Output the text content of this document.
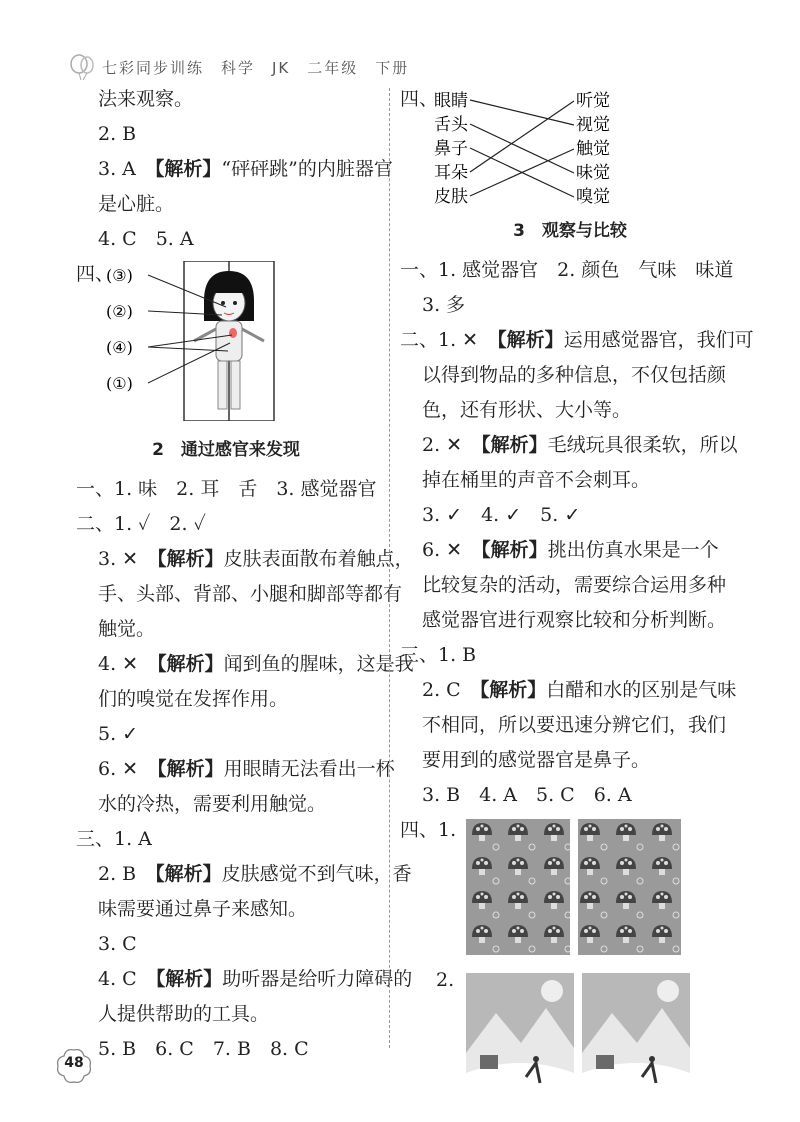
七彩同步训练　科学　JK　二年级　下册
法来观察。
2. B
3. A　【解析】“砰砰跳”的内脏器官
是心脏。
4. C　5. A
四、
(③)
(②)
(④)
(①)
2　通过感官来发现
一、1. 味　2. 耳　舌　3. 感觉器官
二、1. ✓　2. ✓
3. ✕　【解析】皮肤表面散布着触点，
手、头部、背部、小腿和脚部等都有
触觉。
4. ✕　【解析】闻到鱼的腥味，这是我
们的嗅觉在发挥作用。
5. ✓
6. ✕　【解析】用眼睛无法看出一杯
水的冷热，需要利用触觉。
三、1. A
2. B　【解析】皮肤感觉不到气味，香
味需要通过鼻子来感知。
3. C
4. C　【解析】助听器是给听力障碍的
人提供帮助的工具。
5. B　6. C　7. B　8. C
四、
眼睛
舌头
鼻子
耳朵
皮肤
听觉
视觉
触觉
味觉
嗅觉
3　观察与比较
一、1. 感觉器官　2. 颜色　气味　味道
3. 多
二、1. ✕　【解析】运用感觉器官，我们可
以得到物品的多种信息，不仅包括颜
色，还有形状、大小等。
2. ✕　【解析】毛绒玩具很柔软，所以
掉在桶里的声音不会刺耳。
3. ✓　4. ✓　5. ✓
6. ✕　【解析】挑出仿真水果是一个
比较复杂的活动，需要综合运用多种
感觉器官进行观察比较和分析判断。
三、1. B
2. C　【解析】白醋和水的区别是气味
不相同，所以要迅速分辨它们，我们
要用到的感觉器官是鼻子。
3. B　4. A　5. C　6. A
四、1.
2.
48
